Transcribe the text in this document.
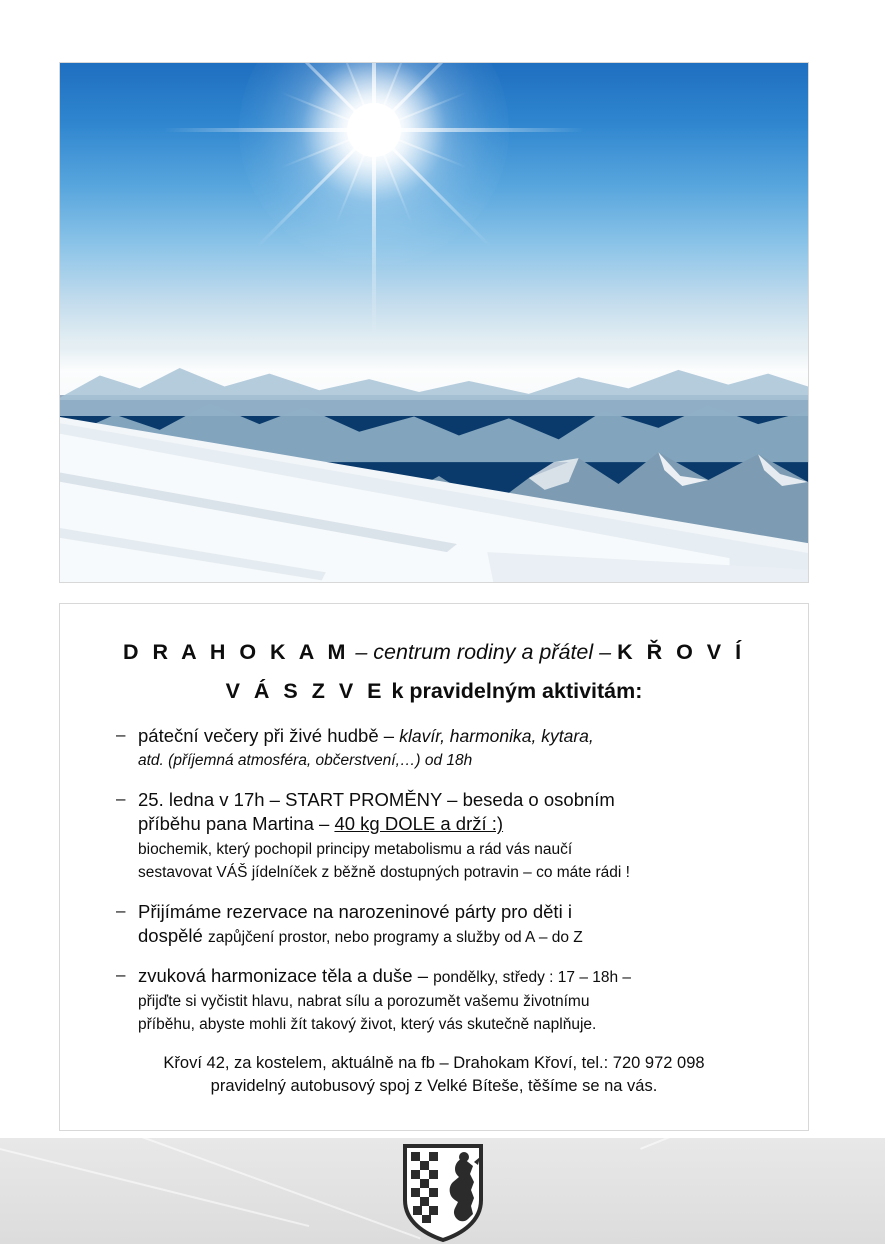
D R A H O K A M – centrum rodiny a přátel – K Ř O V Í
V Á S Z V E k pravidelným aktivitám:
– páteční večery při živé hudbě – klavír, harmonika, kytara,
atd. (příjemná atmosféra, občerstvení,…) od 18h
– 25. ledna v 17h – START PROMĚNY – beseda o osobním
příběhu pana Martina – 40 kg DOLE a drží :)
biochemik, který pochopil principy metabolismu a rád vás naučí
sestavovat VÁŠ jídelníček z běžně dostupných potravin – co máte rádi !
– Přijímáme rezervace na narozeninové párty pro děti i
dospělé zapůjčení prostor, nebo programy a služby od A – do Z
– zvuková harmonizace těla a duše – pondělky, středy : 17 – 18h –
přijďte si vyčistit hlavu, nabrat sílu a porozumět vašemu životnímu
příběhu, abyste mohli žít takový život, který vás skutečně naplňuje.
Křoví 42, za kostelem, aktuálně na fb – Drahokam Křoví, tel.: 720 972 098
pravidelný autobusový spoj z Velké Bíteše, těšíme se na vás.
